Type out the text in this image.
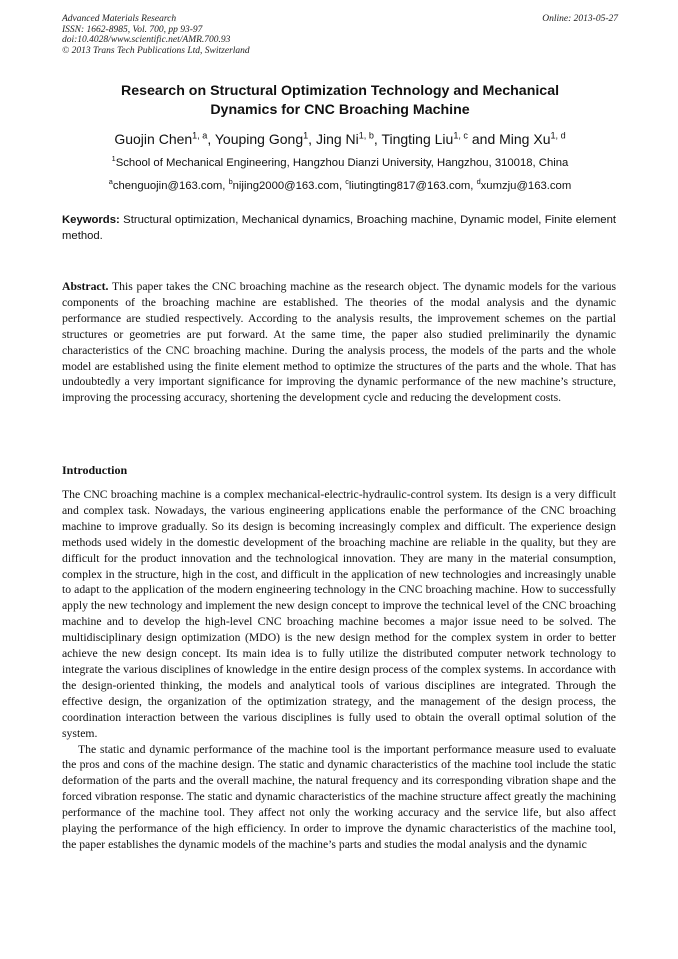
Advanced Materials Research
ISSN: 1662-8985, Vol. 700, pp 93-97
doi:10.4028/www.scientific.net/AMR.700.93
© 2013 Trans Tech Publications Ltd, Switzerland
Online: 2013-05-27
Research on Structural Optimization Technology and Mechanical
Dynamics for CNC Broaching Machine
Guojin Chen$^{1, a}$, Youping Gong$^1$, Jing Ni$^{1, b}$, Tingting Liu$^{1, c}$ and Ming Xu$^{1, d}$
$^1$School of Mechanical Engineering, Hangzhou Dianzi University, Hangzhou, 310018, China
$^a$chenguojin@163.com, $^b$nijing2000@163.com, $^c$liutingting817@163.com, $^d$xumzju@163.com
Keywords: Structural optimization, Mechanical dynamics, Broaching machine, Dynamic model, Finite element method.

Abstract. This paper takes the CNC broaching machine as the research object. The dynamic models for the various components of the broaching machine are established. The theories of the modal analysis and the dynamic performance are studied respectively. According to the analysis results, the improvement schemes on the partial structures or geometries are put forward. At the same time, the paper also studied preliminarily the dynamic characteristics of the CNC broaching machine. During the analysis process, the models of the parts and the whole model are established using the finite element method to optimize the structures of the parts and the whole. That has undoubtedly a very important significance for improving the dynamic performance of the new machine’s structure, improving the processing accuracy, shortening the development cycle and reducing the development costs.

Introduction

The CNC broaching machine is a complex mechanical-electric-hydraulic-control system. Its design is a very difficult and complex task. Nowadays, the various engineering applications enable the performance of the CNC broaching machine to improve gradually. So its design is becoming increasingly complex and difficult. The experience design methods used widely in the domestic development of the broaching machine are reliable in the quality, but they are difficult for the product innovation and the technological innovation. They are many in the material consumption, complex in the structure, high in the cost, and difficult in the application of new technologies and increasingly unable to adapt to the application of the modern engineering technology in the CNC broaching machine. How to successfully apply the new technology and implement the new design concept to improve the technical level of the CNC broaching machine and to develop the high-level CNC broaching machine becomes a major issue need to be solved. The multidisciplinary design optimization (MDO) is the new design method for the complex system in order to better achieve the new design concept. Its main idea is to fully utilize the distributed computer network technology to integrate the various disciplines of knowledge in the entire design process of the complex systems. In accordance with the design-oriented thinking, the models and analytical tools of various disciplines are integrated. Through the effective design, the organization of the optimization strategy, and the management of the design process, the coordination interaction between the various disciplines is fully used to obtain the overall optimal solution of the system.

The static and dynamic performance of the machine tool is the important performance measure used to evaluate the pros and cons of the machine design. The static and dynamic characteristics of the machine tool include the static deformation of the parts and the overall machine, the natural frequency and its corresponding vibration shape and the forced vibration response. The static and dynamic characteristics of the machine structure affect greatly the machining performance of the machine tool. They affect not only the working accuracy and the service life, but also affect playing the performance of the high efficiency. In order to improve the dynamic characteristics of the machine tool, the paper establishes the dynamic models of the machine’s parts and studies the modal analysis and the dynamic
